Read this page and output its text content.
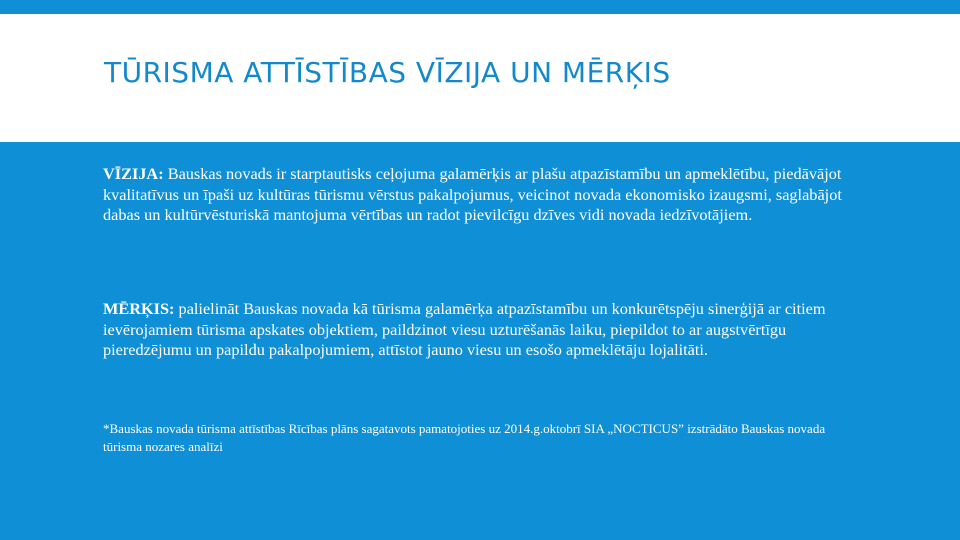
TŪRISMA ATTĪSTĪBAS VĪZIJA UN MĒRĶIS

VĪZIJA: Bauskas novads ir starptautisks ceļojuma galamērķis ar plašu atpazīstamību un apmeklētību, piedāvājot kvalitatīvus un īpaši uz kultūras tūrismu vērstus pakalpojumus, veicinot novada ekonomisko izaugsmi, saglabājot dabas un kultūrvēsturiskā mantojuma vērtības un radot pievilcīgu dzīves vidi novada iedzīvotājiem.

MĒRĶIS: palielināt Bauskas novada kā tūrisma galamērķa atpazīstamību un konkurētspēju sinerģijā ar citiem ievērojamiem tūrisma apskates objektiem, paildzinot viesu uzturēšanās laiku, piepildot to ar augstvērtīgu pieredzējumu un papildu pakalpojumiem, attīstot jauno viesu un esošo apmeklētāju lojalitāti.

*Bauskas novada tūrisma attīstības Rīcības plāns sagatavots pamatojoties uz 2014.g.oktobrī SIA „NOCTICUS” izstrādāto Bauskas novada tūrisma nozares analīzi
